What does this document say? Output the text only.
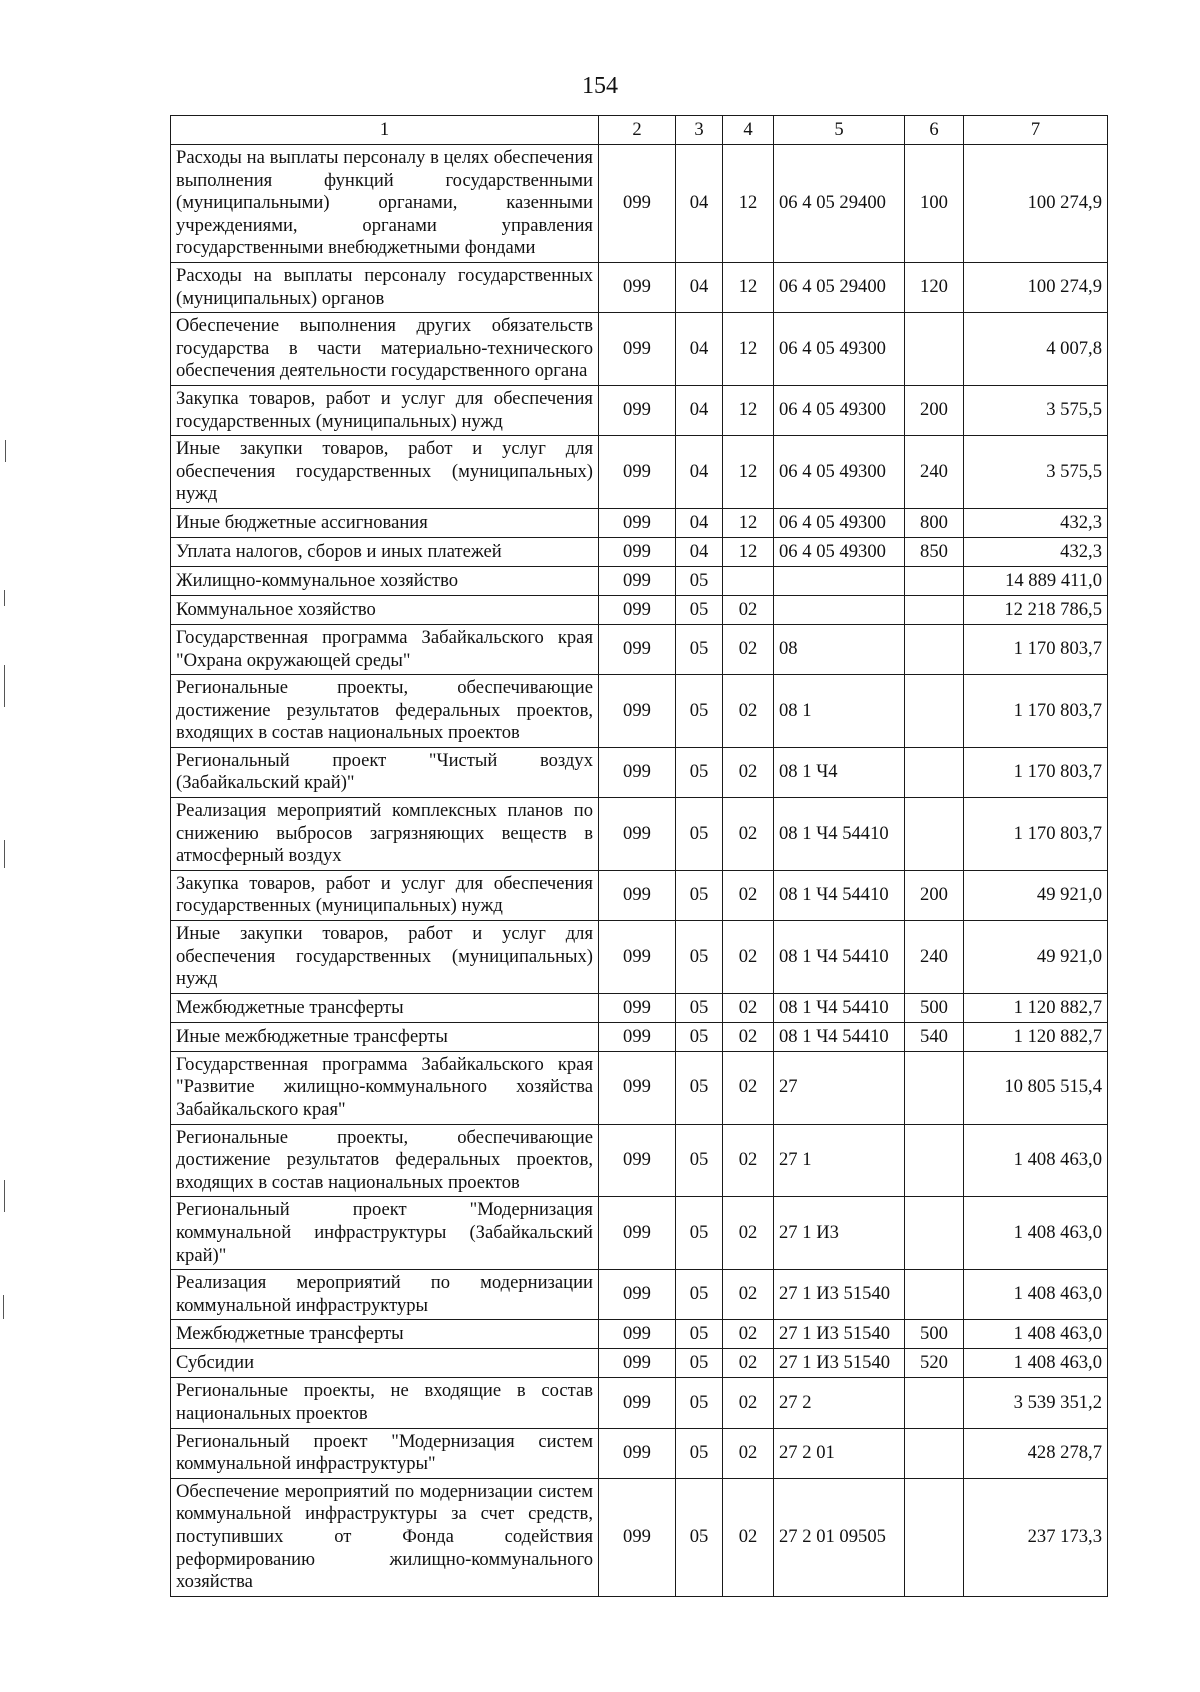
154
1	2	3	4	5	6	7
Расходы на выплаты персоналу в целях обеспечения выполнения функций государственными (муниципальными) органами, казенными учреждениями, органами управления государственными внебюджетными фондами	099	04	12	06 4 05 29400	100	100 274,9
Расходы на выплаты персоналу государственных (муниципальных) органов	099	04	12	06 4 05 29400	120	100 274,9
Обеспечение выполнения других обязательств государства в части материально-технического обеспечения деятельности государственного органа	099	04	12	06 4 05 49300		4 007,8
Закупка товаров, работ и услуг для обеспечения государственных (муниципальных) нужд	099	04	12	06 4 05 49300	200	3 575,5
Иные закупки товаров, работ и услуг для обеспечения государственных (муниципальных) нужд	099	04	12	06 4 05 49300	240	3 575,5
Иные бюджетные ассигнования	099	04	12	06 4 05 49300	800	432,3
Уплата налогов, сборов и иных платежей	099	04	12	06 4 05 49300	850	432,3
Жилищно-коммунальное хозяйство	099	05				14 889 411,0
Коммунальное хозяйство	099	05	02			12 218 786,5
Государственная программа Забайкальского края "Охрана окружающей среды"	099	05	02	08		1 170 803,7
Региональные проекты, обеспечивающие достижение результатов федеральных проектов, входящих в состав национальных проектов	099	05	02	08 1		1 170 803,7
Региональный проект "Чистый воздух (Забайкальский край)"	099	05	02	08 1 Ч4		1 170 803,7
Реализация мероприятий комплексных планов по снижению выбросов загрязняющих веществ в атмосферный воздух	099	05	02	08 1 Ч4 54410		1 170 803,7
Закупка товаров, работ и услуг для обеспечения государственных (муниципальных) нужд	099	05	02	08 1 Ч4 54410	200	49 921,0
Иные закупки товаров, работ и услуг для обеспечения государственных (муниципальных) нужд	099	05	02	08 1 Ч4 54410	240	49 921,0
Межбюджетные трансферты	099	05	02	08 1 Ч4 54410	500	1 120 882,7
Иные межбюджетные трансферты	099	05	02	08 1 Ч4 54410	540	1 120 882,7
Государственная программа Забайкальского края "Развитие жилищно-коммунального хозяйства Забайкальского края"	099	05	02	27		10 805 515,4
Региональные проекты, обеспечивающие достижение результатов федеральных проектов, входящих в состав национальных проектов	099	05	02	27 1		1 408 463,0
Региональный проект "Модернизация коммунальной инфраструктуры (Забайкальский край)"	099	05	02	27 1 И3		1 408 463,0
Реализация мероприятий по модернизации коммунальной инфраструктуры	099	05	02	27 1 И3 51540		1 408 463,0
Межбюджетные трансферты	099	05	02	27 1 И3 51540	500	1 408 463,0
Субсидии	099	05	02	27 1 И3 51540	520	1 408 463,0
Региональные проекты, не входящие в состав национальных проектов	099	05	02	27 2		3 539 351,2
Региональный проект "Модернизация систем коммунальной инфраструктуры"	099	05	02	27 2 01		428 278,7
Обеспечение мероприятий по модернизации систем коммунальной инфраструктуры за счет средств, поступивших от Фонда содействия реформированию жилищно-коммунального хозяйства	099	05	02	27 2 01 09505		237 173,3
